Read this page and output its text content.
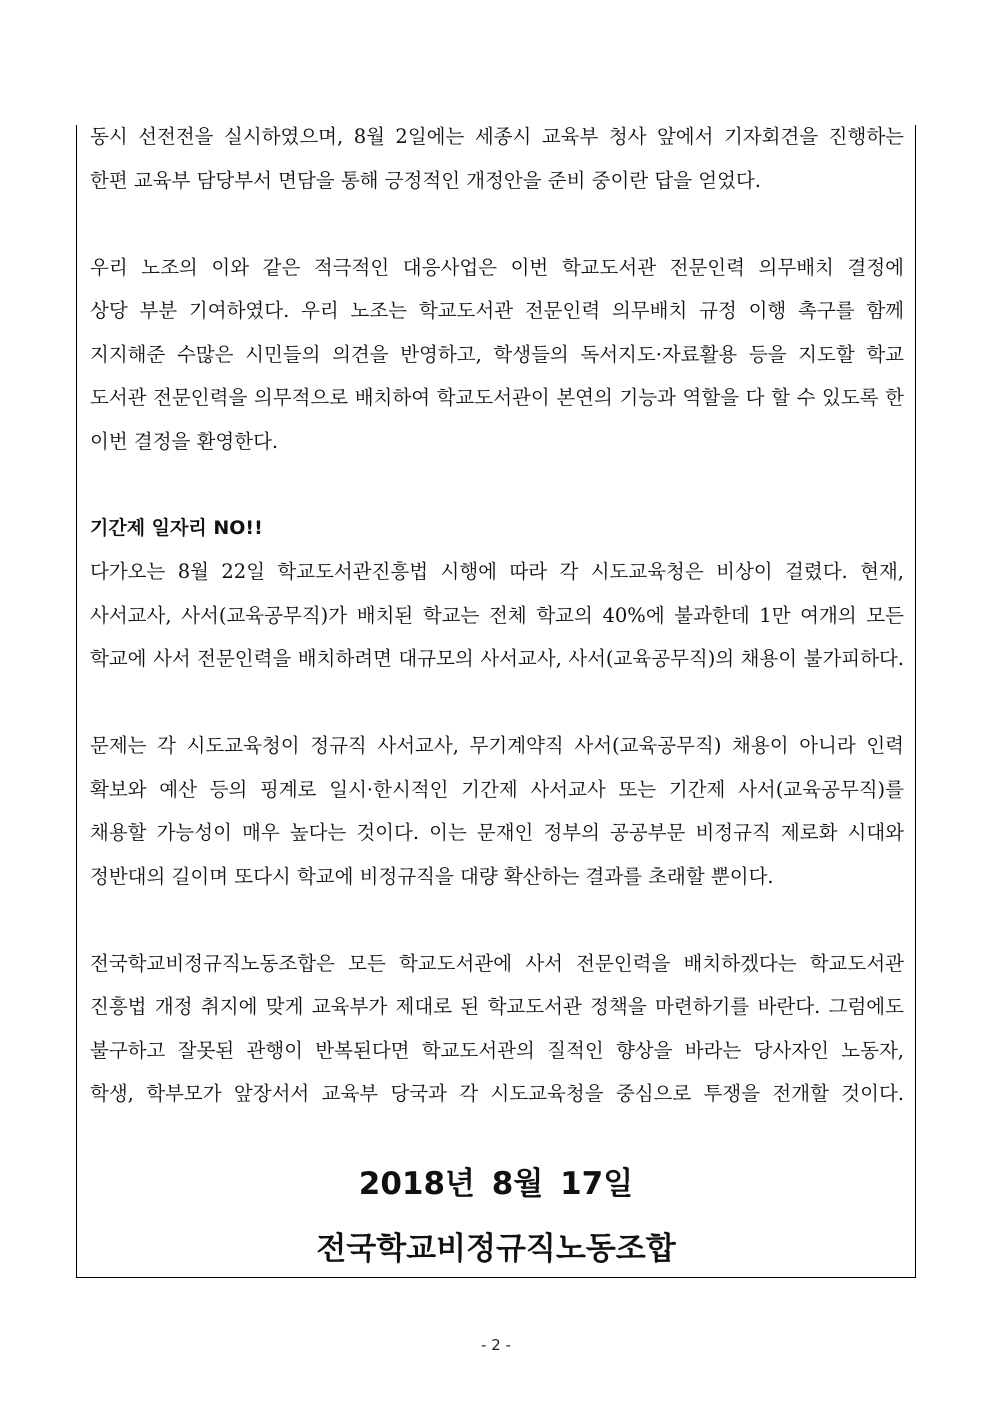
동시 선전전을 실시하였으며, 8월 2일에는 세종시 교육부 청사 앞에서 기자회견을 진행하는
한편 교육부 담당부서 면담을 통해 긍정적인 개정안을 준비 중이란 답을 얻었다.
우리 노조의 이와 같은 적극적인 대응사업은 이번 학교도서관 전문인력 의무배치 결정에
상당 부분 기여하였다. 우리 노조는 학교도서관 전문인력 의무배치 규정 이행 촉구를 함께
지지해준 수많은 시민들의 의견을 반영하고, 학생들의 독서지도·자료활용 등을 지도할 학교
도서관 전문인력을 의무적으로 배치하여 학교도서관이 본연의 기능과 역할을 다 할 수 있도록 한
이번 결정을 환영한다.
기간제 일자리 NO!!
다가오는 8월 22일 학교도서관진흥법 시행에 따라 각 시도교육청은 비상이 걸렸다. 현재,
사서교사, 사서(교육공무직)가 배치된 학교는 전체 학교의 40%에 불과한데 1만 여개의 모든
학교에 사서 전문인력을 배치하려면 대규모의 사서교사, 사서(교육공무직)의 채용이 불가피하다.
문제는 각 시도교육청이 정규직 사서교사, 무기계약직 사서(교육공무직) 채용이 아니라 인력
확보와 예산 등의 핑계로 일시·한시적인 기간제 사서교사 또는 기간제 사서(교육공무직)를
채용할 가능성이 매우 높다는 것이다. 이는 문재인 정부의 공공부문 비정규직 제로화 시대와
정반대의 길이며 또다시 학교에 비정규직을 대량 확산하는 결과를 초래할 뿐이다.
전국학교비정규직노동조합은 모든 학교도서관에 사서 전문인력을 배치하겠다는 학교도서관
진흥법 개정 취지에 맞게 교육부가 제대로 된 학교도서관 정책을 마련하기를 바란다. 그럼에도
불구하고 잘못된 관행이 반복된다면 학교도서관의 질적인 향상을 바라는 당사자인 노동자,
학생, 학부모가 앞장서서 교육부 당국과 각 시도교육청을 중심으로 투쟁을 전개할 것이다.
2018년 8월 17일
전국학교비정규직노동조합
- 2 -
